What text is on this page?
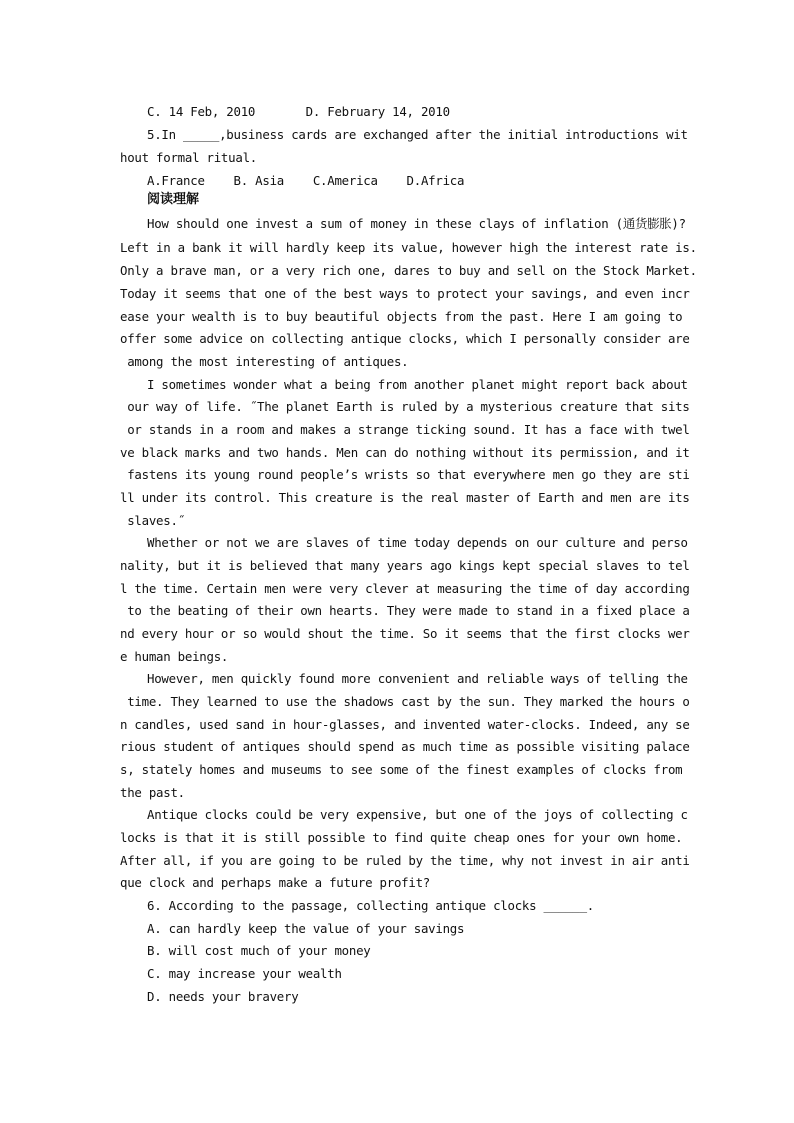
C. 14 Feb, 2010       D. February 14, 2010
5.In _____,business cards are exchanged after the initial introductions wit
hout formal ritual.
A.France    B. Asia    C.America    D.Africa
阅读理解
How should one invest a sum of money in these clays of inflation (通货膨胀)?
Left in a bank it will hardly keep its value, however high the interest rate is.
Only a brave man, or a very rich one, dares to buy and sell on the Stock Market.
Today it seems that one of the best ways to protect your savings, and even incr
ease your wealth is to buy beautiful objects from the past. Here I am going to
offer some advice on collecting antique clocks, which I personally consider are
among the most interesting of antiques.
I sometimes wonder what a being from another planet might report back about
our way of life. ˝The planet Earth is ruled by a mysterious creature that sits
or stands in a room and makes a strange ticking sound. It has a face with twel
ve black marks and two hands. Men can do nothing without its permission, and it
fastens its young round people’s wrists so that everywhere men go they are sti
ll under its control. This creature is the real master of Earth and men are its
slaves.˝
Whether or not we are slaves of time today depends on our culture and perso
nality, but it is believed that many years ago kings kept special slaves to tel
l the time. Certain men were very clever at measuring the time of day according
to the beating of their own hearts. They were made to stand in a fixed place a
nd every hour or so would shout the time. So it seems that the first clocks wer
e human beings.
However, men quickly found more convenient and reliable ways of telling the
time. They learned to use the shadows cast by the sun. They marked the hours o
n candles, used sand in hour-glasses, and invented water-clocks. Indeed, any se
rious student of antiques should spend as much time as possible visiting palace
s, stately homes and museums to see some of the finest examples of clocks from
the past.
Antique clocks could be very expensive, but one of the joys of collecting c
locks is that it is still possible to find quite cheap ones for your own home.
After all, if you are going to be ruled by the time, why not invest in air anti
que clock and perhaps make a future profit?
6. According to the passage, collecting antique clocks ______.
A. can hardly keep the value of your savings
B. will cost much of your money
C. may increase your wealth
D. needs your bravery
